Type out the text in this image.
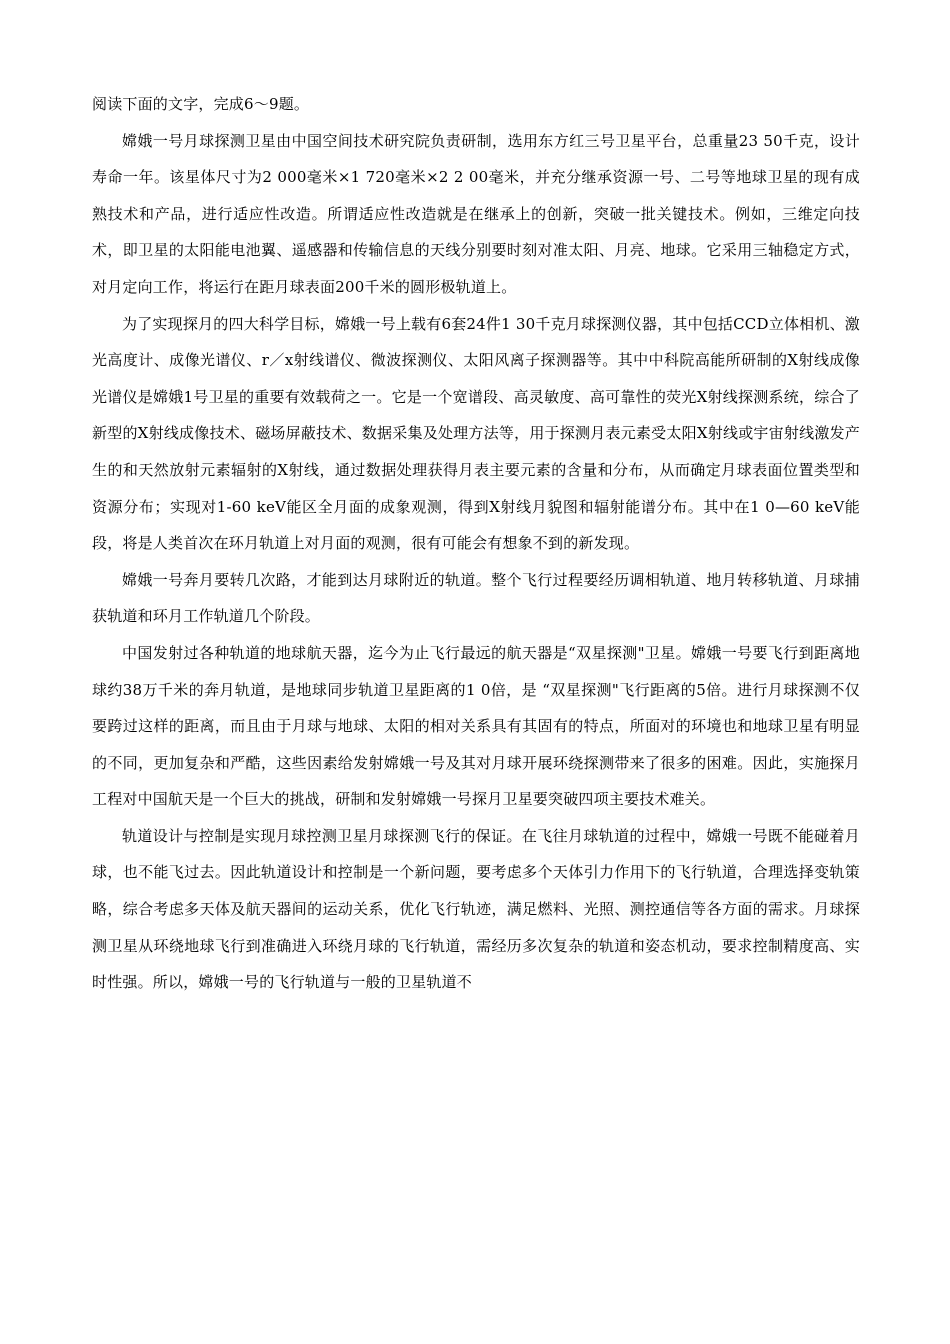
阅读下面的文字，完成6～9题。

嫦娥一号月球探测卫星由中国空间技术研究院负责研制，选用东方红三号卫星平台，总重量23 50千克，设计寿命一年。该星体尺寸为2 000毫米×1 720毫米×2 2 00毫米，并充分继承资源一号、二号等地球卫星的现有成熟技术和产品，进行适应性改造。所谓适应性改造就是在继承上的创新，突破一批关键技术。例如，三维定向技术，即卫星的太阳能电池翼、遥感器和传输信息的天线分别要时刻对准太阳、月亮、地球。它采用三轴稳定方式，对月定向工作，将运行在距月球表面200千米的圆形极轨道上。

为了实现探月的四大科学目标，嫦娥一号上载有6套24件1 30千克月球探测仪器，其中包括CCD立体相机、激光高度计、成像光谱仪、r／x射线谱仪、微波探测仪、太阳风离子探测器等。其中中科院高能所研制的X射线成像光谱仪是嫦娥1号卫星的重要有效载荷之一。它是一个宽谱段、高灵敏度、高可靠性的荧光X射线探测系统，综合了新型的X射线成像技术、磁场屏蔽技术、数据采集及处理方法等，用于探测月表元素受太阳X射线或宇宙射线激发产生的和天然放射元素辐射的X射线，通过数据处理获得月表主要元素的含量和分布，从而确定月球表面位置类型和资源分布；实现对1-60 keV能区全月面的成象观测，得到X射线月貌图和辐射能谱分布。其中在1 0—60 keV能段，将是人类首次在环月轨道上对月面的观测，很有可能会有想象不到的新发现。

嫦娥一号奔月要转几次路，才能到达月球附近的轨道。整个飞行过程要经历调相轨道、地月转移轨道、月球捕获轨道和环月工作轨道几个阶段。

中国发射过各种轨道的地球航天器，迄今为止飞行最远的航天器是“双星探测"卫星。嫦娥一号要飞行到距离地球约38万千米的奔月轨道，是地球同步轨道卫星距离的1 0倍，是 “双星探测"飞行距离的5倍。进行月球探测不仅要跨过这样的距离，而且由于月球与地球、太阳的相对关系具有其固有的特点，所面对的环境也和地球卫星有明显的不同，更加复杂和严酷，这些因素给发射嫦娥一号及其对月球开展环绕探测带来了很多的困难。因此，实施探月工程对中国航天是一个巨大的挑战，研制和发射嫦娥一号探月卫星要突破四项主要技术难关。

轨道设计与控制是实现月球控测卫星月球探测飞行的保证。在飞往月球轨道的过程中，嫦娥一号既不能碰着月球，也不能飞过去。因此轨道设计和控制是一个新问题，要考虑多个天体引力作用下的飞行轨道，合理选择变轨策略，综合考虑多天体及航天器间的运动关系，优化飞行轨迹，满足燃料、光照、测控通信等各方面的需求。月球探测卫星从环绕地球飞行到准确进入环绕月球的飞行轨道，需经历多次复杂的轨道和姿态机动，要求控制精度高、实时性强。所以，嫦娥一号的飞行轨道与一般的卫星轨道不
